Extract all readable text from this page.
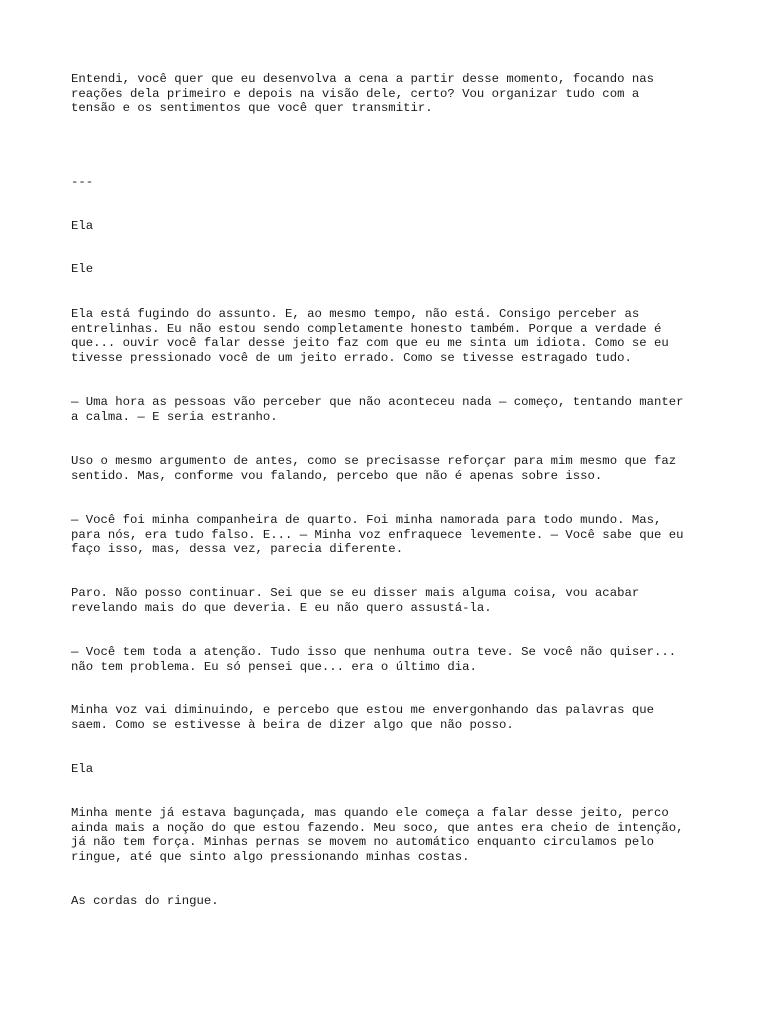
Entendi, você quer que eu desenvolva a cena a partir desse momento, focando nas
reações dela primeiro e depois na visão dele, certo? Vou organizar tudo com a
tensão e os sentimentos que você quer transmitir.

---

Ela

Ele

Ela está fugindo do assunto. E, ao mesmo tempo, não está. Consigo perceber as
entrelinhas. Eu não estou sendo completamente honesto também. Porque a verdade é
que... ouvir você falar desse jeito faz com que eu me sinta um idiota. Como se eu
tivesse pressionado você de um jeito errado. Como se tivesse estragado tudo.

— Uma hora as pessoas vão perceber que não aconteceu nada — começo, tentando manter
a calma. — E seria estranho.

Uso o mesmo argumento de antes, como se precisasse reforçar para mim mesmo que faz
sentido. Mas, conforme vou falando, percebo que não é apenas sobre isso.

— Você foi minha companheira de quarto. Foi minha namorada para todo mundo. Mas,
para nós, era tudo falso. E... — Minha voz enfraquece levemente. — Você sabe que eu
faço isso, mas, dessa vez, parecia diferente.

Paro. Não posso continuar. Sei que se eu disser mais alguma coisa, vou acabar
revelando mais do que deveria. E eu não quero assustá-la.

— Você tem toda a atenção. Tudo isso que nenhuma outra teve. Se você não quiser...
não tem problema. Eu só pensei que... era o último dia.

Minha voz vai diminuindo, e percebo que estou me envergonhando das palavras que
saem. Como se estivesse à beira de dizer algo que não posso.

Ela

Minha mente já estava bagunçada, mas quando ele começa a falar desse jeito, perco
ainda mais a noção do que estou fazendo. Meu soco, que antes era cheio de intenção,
já não tem força. Minhas pernas se movem no automático enquanto circulamos pelo
ringue, até que sinto algo pressionando minhas costas.

As cordas do ringue.
